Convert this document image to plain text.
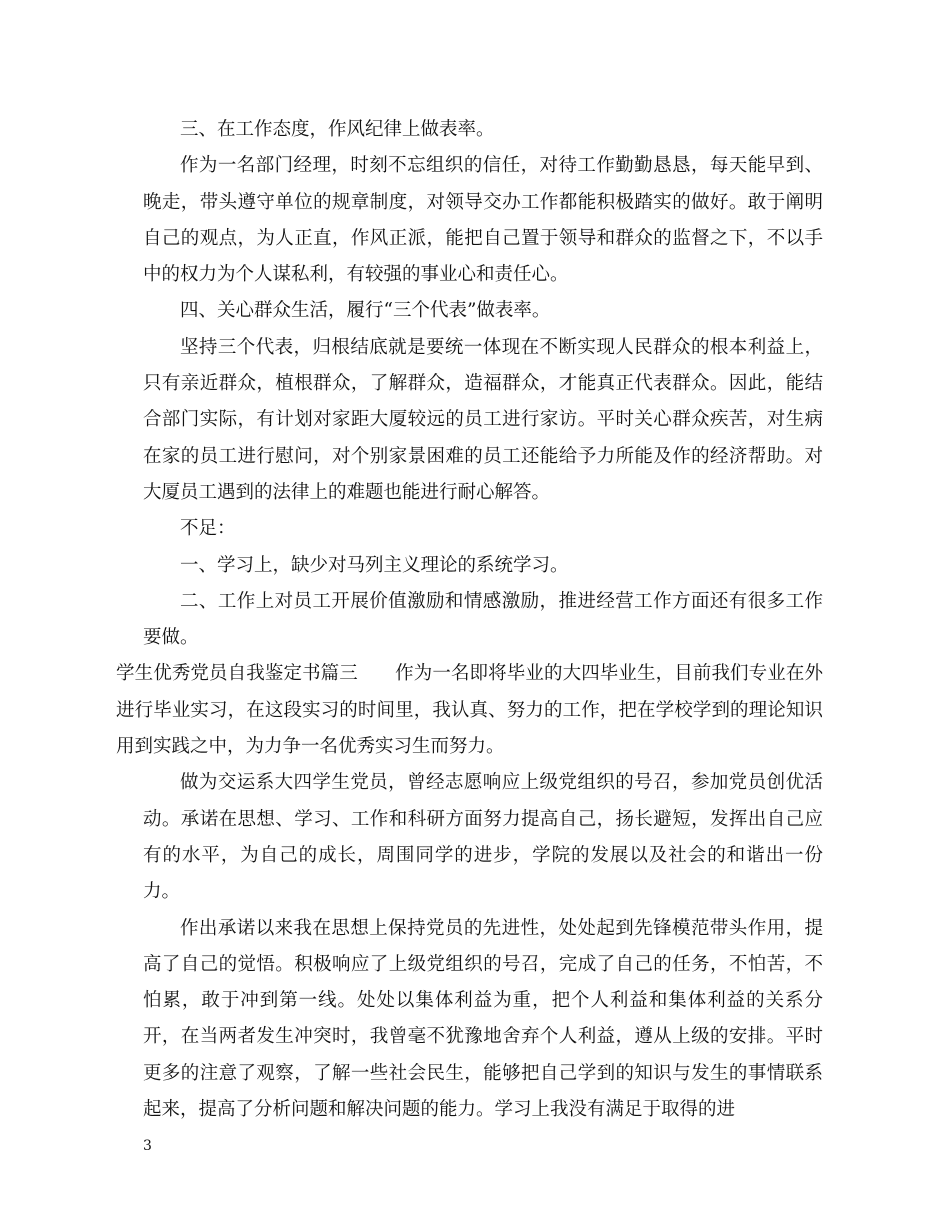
三、在工作态度，作风纪律上做表率。

作为一名部门经理，时刻不忘组织的信任，对待工作勤勤恳恳，每天能早到、晚走，带头遵守单位的规章制度，对领导交办工作都能积极踏实的做好。敢于阐明自己的观点，为人正直，作风正派，能把自己置于领导和群众的监督之下，不以手中的权力为个人谋私利，有较强的事业心和责任心。

四、关心群众生活，履行“三个代表”做表率。

坚持三个代表，归根结底就是要统一体现在不断实现人民群众的根本利益上，只有亲近群众，植根群众，了解群众，造福群众，才能真正代表群众。因此，能结合部门实际，有计划对家距大厦较远的员工进行家访。平时关心群众疾苦，对生病在家的员工进行慰问，对个别家景困难的员工还能给予力所能及作的经济帮助。对大厦员工遇到的法律上的难题也能进行耐心解答。

不足：

一、学习上，缺少对马列主义理论的系统学习。

二、工作上对员工开展价值激励和情感激励，推进经营工作方面还有很多工作要做。

学生优秀党员自我鉴定书篇三　　作为一名即将毕业的大四毕业生，目前我们专业在外进行毕业实习，在这段实习的时间里，我认真、努力的工作，把在学校学到的理论知识用到实践之中，为力争一名优秀实习生而努力。

做为交运系大四学生党员，曾经志愿响应上级党组织的号召，参加党员创优活动。承诺在思想、学习、工作和科研方面努力提高自己，扬长避短，发挥出自己应有的水平，为自己的成长，周围同学的进步，学院的发展以及社会的和谐出一份力。

作出承诺以来我在思想上保持党员的先进性，处处起到先锋模范带头作用，提高了自己的觉悟。积极响应了上级党组织的号召，完成了自己的任务，不怕苦，不怕累，敢于冲到第一线。处处以集体利益为重，把个人利益和集体利益的关系分开，在当两者发生冲突时，我曾毫不犹豫地舍弃个人利益，遵从上级的安排。平时更多的注意了观察，了解一些社会民生，能够把自己学到的知识与发生的事情联系起来，提高了分析问题和解决问题的能力。学习上我没有满足于取得的进

3
